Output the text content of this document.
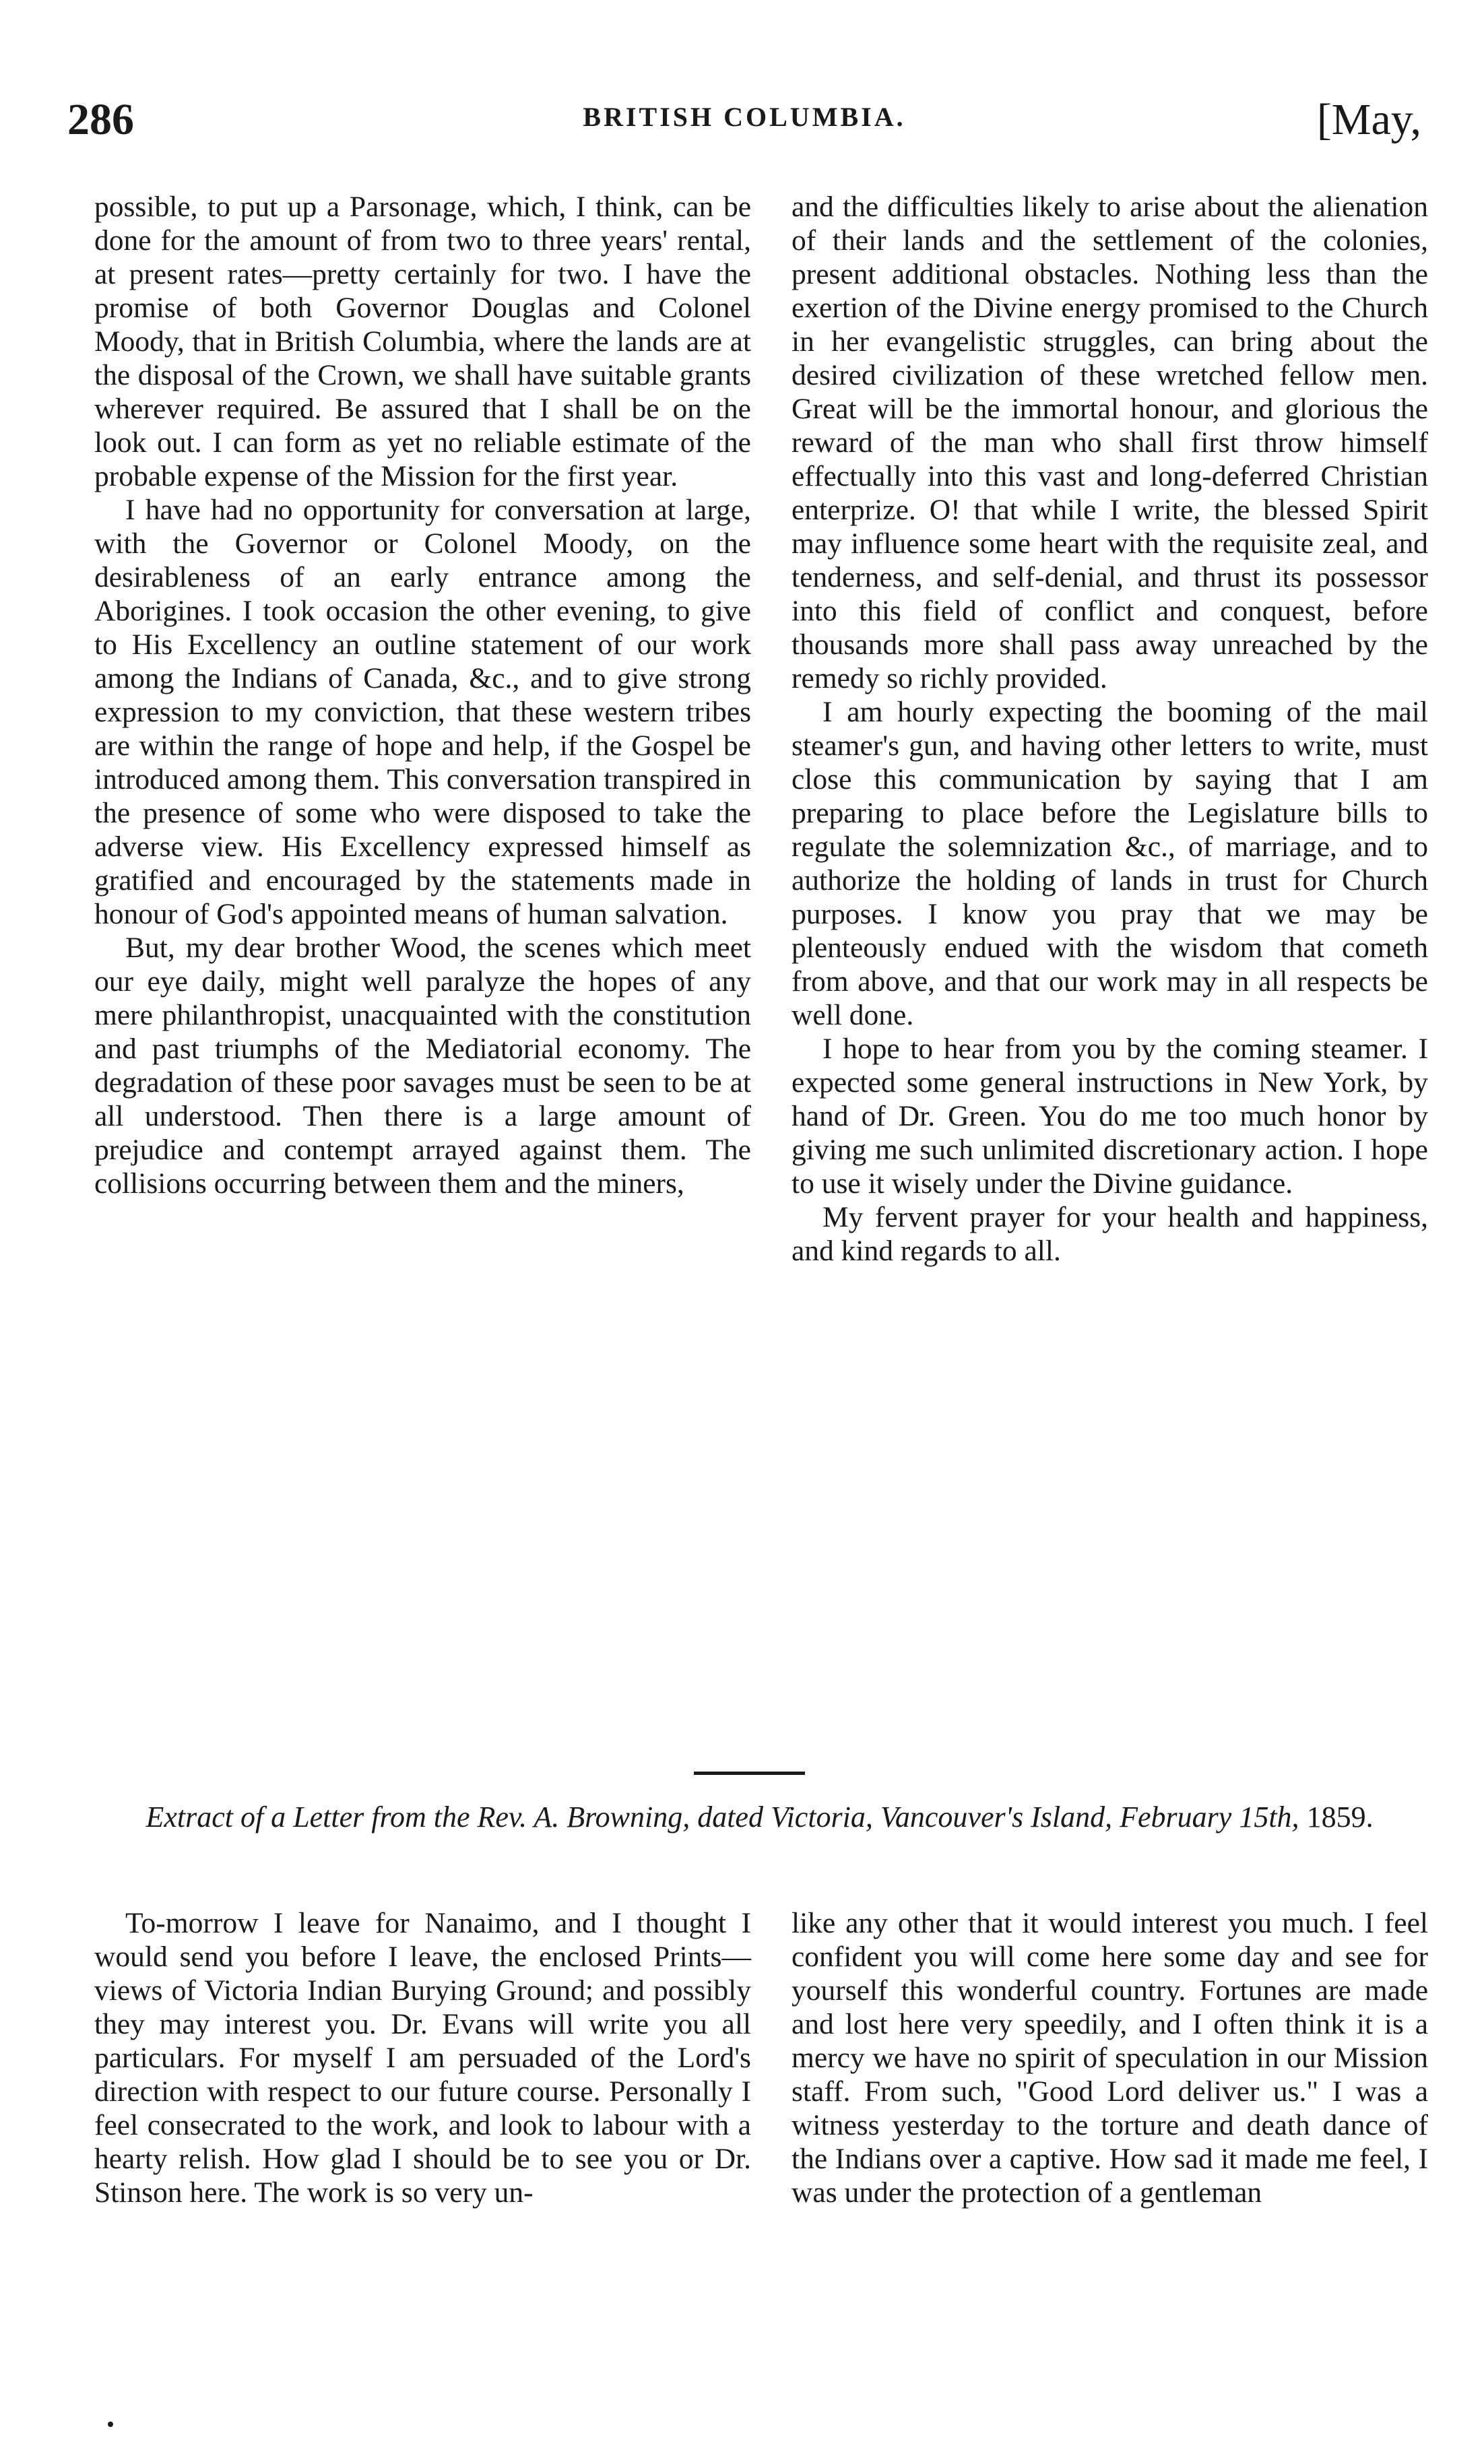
286	BRITISH COLUMBIA.	[May,

possible, to put up a Parsonage, which, I think, can be done for the amount of from two to three years' rental, at present rates—pretty certainly for two. I have the promise of both Governor Douglas and Colonel Moody, that in British Columbia, where the lands are at the disposal of the Crown, we shall have suitable grants wherever required. Be assured that I shall be on the look out. I can form as yet no reliable estimate of the probable expense of the Mission for the first year.

I have had no opportunity for conversation at large, with the Governor or Colonel Moody, on the desirableness of an early entrance among the Aborigines. I took occasion the other evening, to give to His Excellency an outline statement of our work among the Indians of Canada, &c., and to give strong expression to my conviction, that these western tribes are within the range of hope and help, if the Gospel be introduced among them. This conversation transpired in the presence of some who were disposed to take the adverse view. His Excellency expressed himself as gratified and encouraged by the statements made in honour of God's appointed means of human salvation.

But, my dear brother Wood, the scenes which meet our eye daily, might well paralyze the hopes of any mere philanthropist, unacquainted with the constitution and past triumphs of the Mediatorial economy. The degradation of these poor savages must be seen to be at all understood. Then there is a large amount of prejudice and contempt arrayed against them. The collisions occurring between them and the miners,

and the difficulties likely to arise about the alienation of their lands and the settlement of the colonies, present additional obstacles. Nothing less than the exertion of the Divine energy promised to the Church in her evangelistic struggles, can bring about the desired civilization of these wretched fellow men. Great will be the immortal honour, and glorious the reward of the man who shall first throw himself effectually into this vast and long-deferred Christian enterprize. O! that while I write, the blessed Spirit may influence some heart with the requisite zeal, and tenderness, and self-denial, and thrust its possessor into this field of conflict and conquest, before thousands more shall pass away unreached by the remedy so richly provided.

I am hourly expecting the booming of the mail steamer's gun, and having other letters to write, must close this communication by saying that I am preparing to place before the Legislature bills to regulate the solemnization &c., of marriage, and to authorize the holding of lands in trust for Church purposes. I know you pray that we may be plenteously endued with the wisdom that cometh from above, and that our work may in all respects be well done.

I hope to hear from you by the coming steamer. I expected some general instructions in New York, by hand of Dr. Green. You do me too much honor by giving me such unlimited discretionary action. I hope to use it wisely under the Divine guidance.

My fervent prayer for your health and happiness, and kind regards to all.

Extract of a Letter from the Rev. A. Browning, dated Victoria, Vancouver's Island, February 15th, 1859.

To-morrow I leave for Nanaimo, and I thought I would send you before I leave, the enclosed Prints—views of Victoria Indian Burying Ground; and possibly they may interest you. Dr. Evans will write you all particulars. For myself I am persuaded of the Lord's direction with respect to our future course. Personally I feel consecrated to the work, and look to labour with a hearty relish. How glad I should be to see you or Dr. Stinson here. The work is so very un-

like any other that it would interest you much. I feel confident you will come here some day and see for yourself this wonderful country. Fortunes are made and lost here very speedily, and I often think it is a mercy we have no spirit of speculation in our Mission staff. From such, "Good Lord deliver us." I was a witness yesterday to the torture and death dance of the Indians over a captive. How sad it made me feel, I was under the protection of a gentleman
